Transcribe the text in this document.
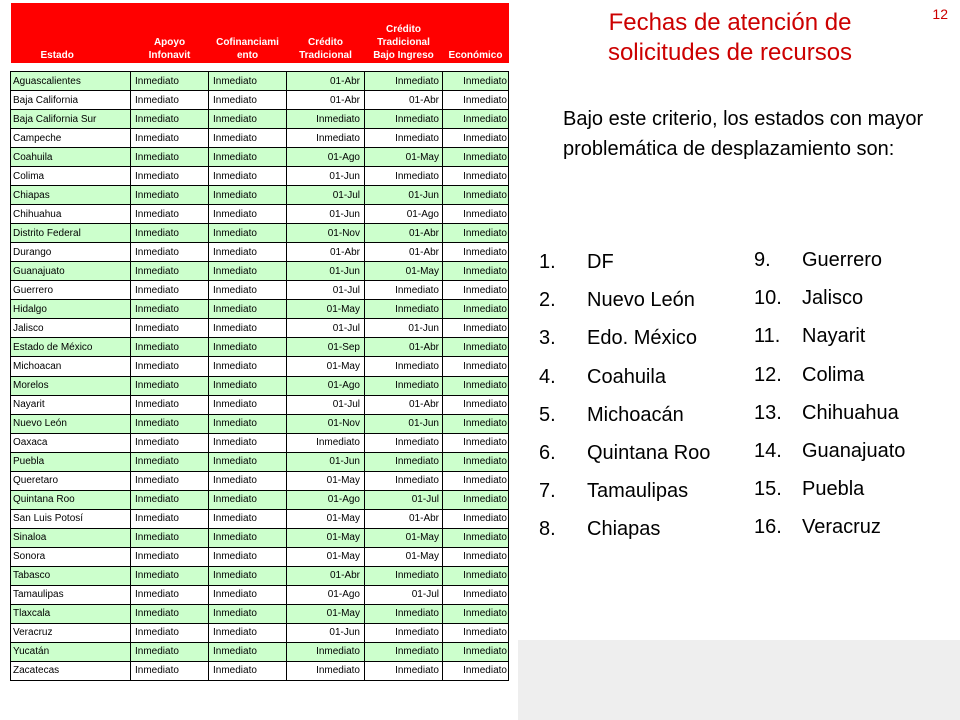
Estado	Apoyo Infonavit	Cofinanciami ento	Crédito Tradicional	Crédito Tradicional Bajo Ingreso	Económico

Aguascalientes	Inmediato	Inmediato	01-Abr	Inmediato	Inmediato
Baja California	Inmediato	Inmediato	01-Abr	01-Abr	Inmediato
Baja California Sur	Inmediato	Inmediato	Inmediato	Inmediato	Inmediato
Campeche	Inmediato	Inmediato	Inmediato	Inmediato	Inmediato
Coahuila	Inmediato	Inmediato	01-Ago	01-May	Inmediato
Colima	Inmediato	Inmediato	01-Jun	Inmediato	Inmediato
Chiapas	Inmediato	Inmediato	01-Jul	01-Jun	Inmediato
Chihuahua	Inmediato	Inmediato	01-Jun	01-Ago	Inmediato
Distrito Federal	Inmediato	Inmediato	01-Nov	01-Abr	Inmediato
Durango	Inmediato	Inmediato	01-Abr	01-Abr	Inmediato
Guanajuato	Inmediato	Inmediato	01-Jun	01-May	Inmediato
Guerrero	Inmediato	Inmediato	01-Jul	Inmediato	Inmediato
Hidalgo	Inmediato	Inmediato	01-May	Inmediato	Inmediato
Jalisco	Inmediato	Inmediato	01-Jul	01-Jun	Inmediato
Estado de México	Inmediato	Inmediato	01-Sep	01-Abr	Inmediato
Michoacan	Inmediato	Inmediato	01-May	Inmediato	Inmediato
Morelos	Inmediato	Inmediato	01-Ago	Inmediato	Inmediato
Nayarit	Inmediato	Inmediato	01-Jul	01-Abr	Inmediato
Nuevo León	Inmediato	Inmediato	01-Nov	01-Jun	Inmediato
Oaxaca	Inmediato	Inmediato	Inmediato	Inmediato	Inmediato
Puebla	Inmediato	Inmediato	01-Jun	Inmediato	Inmediato
Queretaro	Inmediato	Inmediato	01-May	Inmediato	Inmediato
Quintana Roo	Inmediato	Inmediato	01-Ago	01-Jul	Inmediato
San Luis Potosí	Inmediato	Inmediato	01-May	01-Abr	Inmediato
Sinaloa	Inmediato	Inmediato	01-May	01-May	Inmediato
Sonora	Inmediato	Inmediato	01-May	01-May	Inmediato
Tabasco	Inmediato	Inmediato	01-Abr	Inmediato	Inmediato
Tamaulipas	Inmediato	Inmediato	01-Ago	01-Jul	Inmediato
Tlaxcala	Inmediato	Inmediato	01-May	Inmediato	Inmediato
Veracruz	Inmediato	Inmediato	01-Jun	Inmediato	Inmediato
Yucatán	Inmediato	Inmediato	Inmediato	Inmediato	Inmediato
Zacatecas	Inmediato	Inmediato	Inmediato	Inmediato	Inmediato
12
Fechas de atención de solicitudes de recursos
Bajo este criterio, los estados con mayor problemática de desplazamiento son:
1.	DF
2.	Nuevo León
3.	Edo. México
4.	Coahuila
5.	Michoacán
6.	Quintana Roo
7.	Tamaulipas
8.	Chiapas
9.	Guerrero
10.	Jalisco
11.	Nayarit
12.	Colima
13.	Chihuahua
14.	Guanajuato
15.	Puebla
16.	Veracruz
